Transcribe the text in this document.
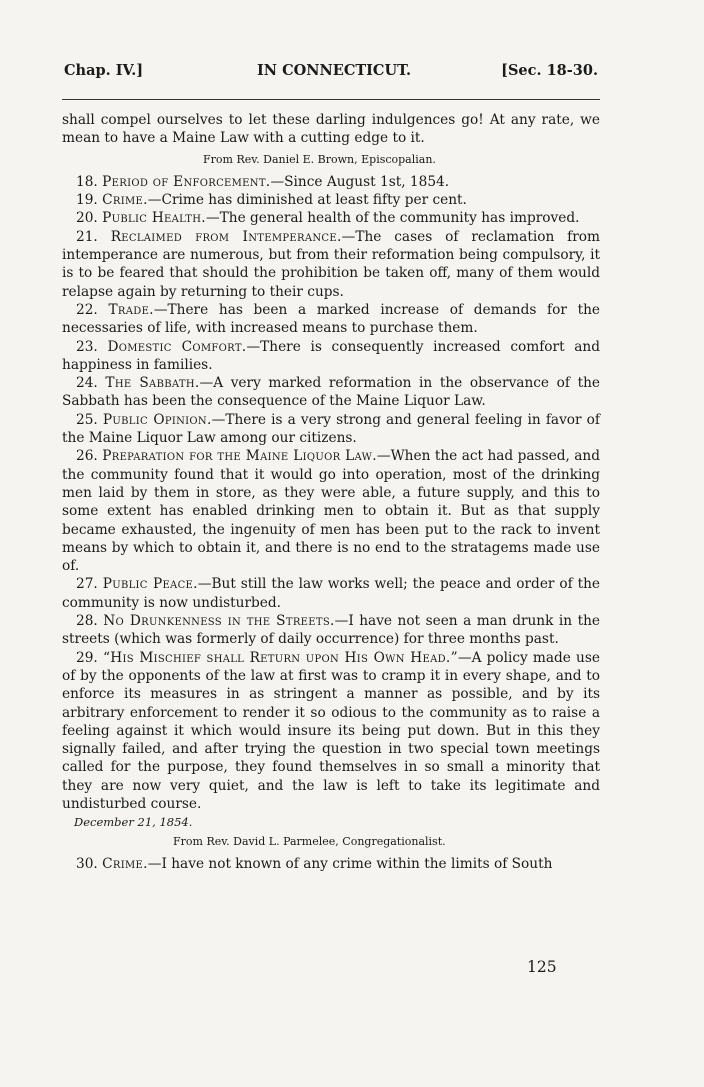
Chap. IV.]	IN CONNECTICUT.	[Sec. 18-30.

shall compel ourselves to let these darling indulgences go! At any rate, we mean to have a Maine Law with a cutting edge to it.

From Rev. Daniel E. Brown, Episcopalian.

18. Period of Enforcement.—Since August 1st, 1854.

19. Crime.—Crime has diminished at least fifty per cent.

20. Public Health.—The general health of the community has improved.

21. Reclaimed from Intemperance.—The cases of reclamation from intemperance are numerous, but from their reformation being compulsory, it is to be feared that should the prohibition be taken off, many of them would relapse again by returning to their cups.

22. Trade.—There has been a marked increase of demands for the necessaries of life, with increased means to purchase them.

23. Domestic Comfort.—There is consequently increased comfort and happiness in families.

24. The Sabbath.—A very marked reformation in the observance of the Sabbath has been the consequence of the Maine Liquor Law.

25. Public Opinion.—There is a very strong and general feeling in favor of the Maine Liquor Law among our citizens.

26. Preparation for the Maine Liquor Law.—When the act had passed, and the community found that it would go into operation, most of the drinking men laid by them in store, as they were able, a future supply, and this to some extent has enabled drinking men to obtain it. But as that supply became exhausted, the ingenuity of men has been put to the rack to invent means by which to obtain it, and there is no end to the stratagems made use of.

27. Public Peace.—But still the law works well; the peace and order of the community is now undisturbed.

28. No Drunkenness in the Streets.—I have not seen a man drunk in the streets (which was formerly of daily occurrence) for three months past.

29. “His Mischief shall Return upon His Own Head.”—A policy made use of by the opponents of the law at first was to cramp it in every shape, and to enforce its measures in as stringent a manner as possible, and by its arbitrary enforcement to render it so odious to the community as to raise a feeling against it which would insure its being put down. But in this they signally failed, and after trying the question in two special town meetings called for the purpose, they found themselves in so small a minority that they are now very quiet, and the law is left to take its legitimate and undisturbed course.

December 21, 1854.
From Rev. David L. Parmelee, Congregationalist.

30. Crime.—I have not known of any crime within the limits of South

125
